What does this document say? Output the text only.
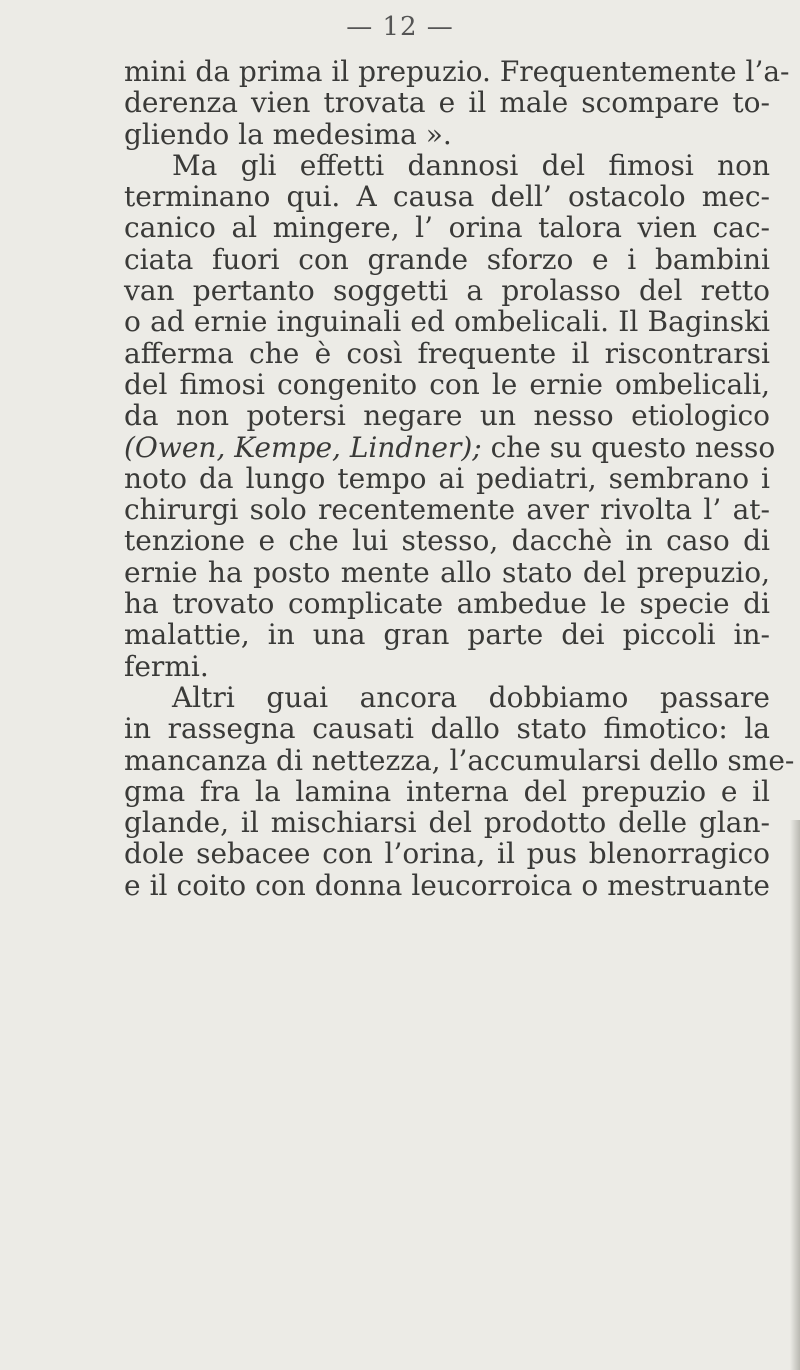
— 12 —
mini da prima il prepuzio. Frequentemente l’a-
derenza vien trovata e il male scompare to-
gliendo la medesima ».
Ma gli effetti dannosi del fimosi non
terminano qui. A causa dell’ ostacolo mec-
canico al mingere, l’ orina talora vien cac-
ciata fuori con grande sforzo e i bambini
van pertanto soggetti a prolasso del retto
o ad ernie inguinali ed ombelicali. Il Baginski
afferma che è così frequente il riscontrarsi
del fimosi congenito con le ernie ombelicali,
da non potersi negare un nesso etiologico
(Owen, Kempe, Lindner); che su questo nesso
noto da lungo tempo ai pediatri, sembrano i
chirurgi solo recentemente aver rivolta l’ at-
tenzione e che lui stesso, dacchè in caso di
ernie ha posto mente allo stato del prepuzio,
ha trovato complicate ambedue le specie di
malattie, in una gran parte dei piccoli in-
fermi.
Altri guai ancora dobbiamo passare
in rassegna causati dallo stato fimotico: la
mancanza di nettezza, l’accumularsi dello sme-
gma fra la lamina interna del prepuzio e il
glande, il mischiarsi del prodotto delle glan-
dole sebacee con l’orina, il pus blenorragico
e il coito con donna leucorroica o mestruante
